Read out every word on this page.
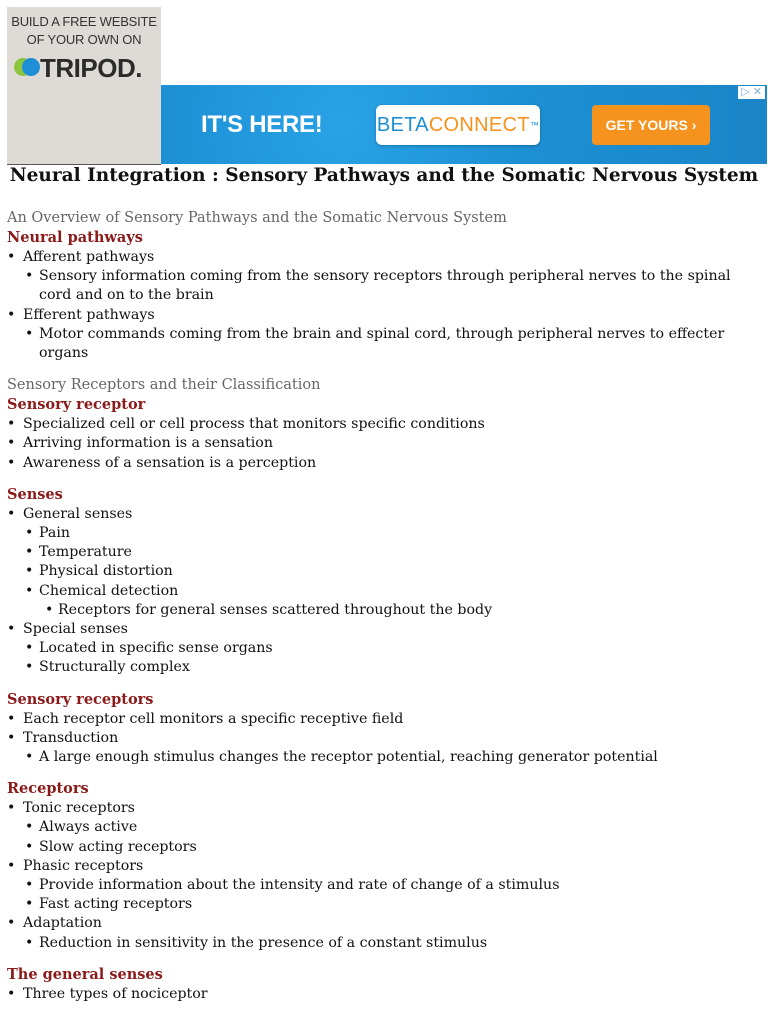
BUILD A FREE WEBSITE
OF YOUR OWN ON
TRIPOD.
▷ ✕
IT'S HERE!	BETACONNECT™	GET YOURS ›
Neural Integration : Sensory Pathways and the Somatic Nervous System
An Overview of Sensory Pathways and the Somatic Nervous System
Neural pathways
• Afferent pathways
• Sensory information coming from the sensory receptors through peripheral nerves to the spinal cord and on to the brain
• Efferent pathways
• Motor commands coming from the brain and spinal cord, through peripheral nerves to effecter organs
Sensory Receptors and their Classification
Sensory receptor
• Specialized cell or cell process that monitors specific conditions
• Arriving information is a sensation
• Awareness of a sensation is a perception
Senses
• General senses
• Pain
• Temperature
• Physical distortion
• Chemical detection
• Receptors for general senses scattered throughout the body
• Special senses
• Located in specific sense organs
• Structurally complex
Sensory receptors
• Each receptor cell monitors a specific receptive field
• Transduction
• A large enough stimulus changes the receptor potential, reaching generator potential
Receptors
• Tonic receptors
• Always active
• Slow acting receptors
• Phasic receptors
• Provide information about the intensity and rate of change of a stimulus
• Fast acting receptors
• Adaptation
• Reduction in sensitivity in the presence of a constant stimulus
The general senses
• Three types of nociceptor
